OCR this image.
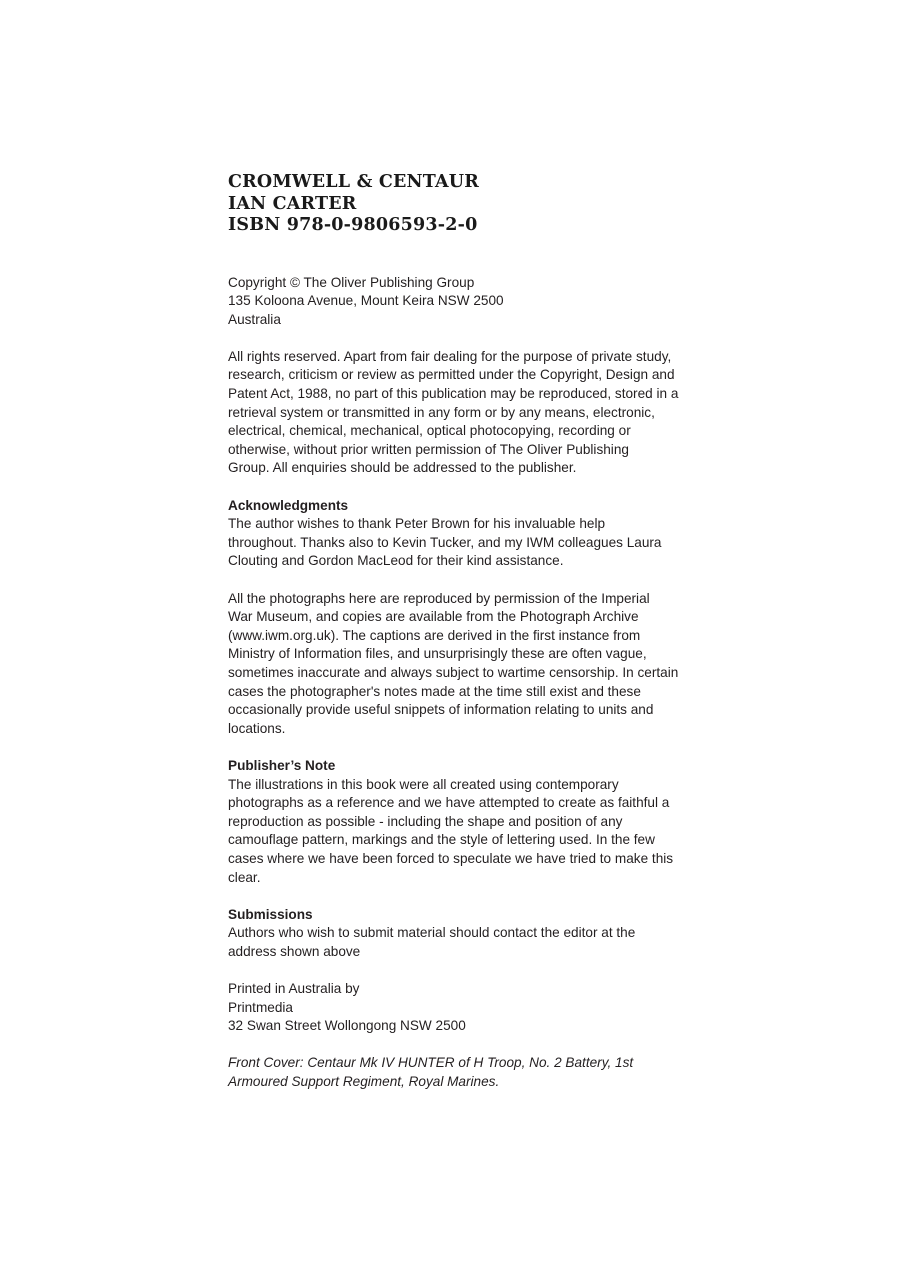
CROMWELL & CENTAUR
IAN CARTER
ISBN 978-0-9806593-2-0
Copyright © The Oliver Publishing Group
135 Koloona Avenue, Mount Keira NSW 2500
Australia
All rights reserved. Apart from fair dealing for the purpose of private study,
research, criticism or review as permitted under the Copyright, Design and
Patent Act, 1988, no part of this publication may be reproduced, stored in a
retrieval system or transmitted in any form or by any means, electronic,
electrical, chemical, mechanical, optical photocopying, recording or
otherwise, without prior written permission of The Oliver Publishing
Group. All enquiries should be addressed to the publisher.
Acknowledgments
The author wishes to thank Peter Brown for his invaluable help
throughout. Thanks also to Kevin Tucker, and my IWM colleagues Laura
Clouting and Gordon MacLeod for their kind assistance.
All the photographs here are reproduced by permission of the Imperial
War Museum, and copies are available from the Photograph Archive
(www.iwm.org.uk). The captions are derived in the first instance from
Ministry of Information files, and unsurprisingly these are often vague,
sometimes inaccurate and always subject to wartime censorship. In certain
cases the photographer's notes made at the time still exist and these
occasionally provide useful snippets of information relating to units and
locations.
Publisher’s Note
The illustrations in this book were all created using contemporary
photographs as a reference and we have attempted to create as faithful a
reproduction as possible - including the shape and position of any
camouflage pattern, markings and the style of lettering used. In the few
cases where we have been forced to speculate we have tried to make this
clear.
Submissions
Authors who wish to submit material should contact the editor at the
address shown above
Printed in Australia by
Printmedia
32 Swan Street Wollongong NSW 2500
Front Cover: Centaur Mk IV HUNTER of H Troop, No. 2 Battery, 1st
Armoured Support Regiment, Royal Marines.
